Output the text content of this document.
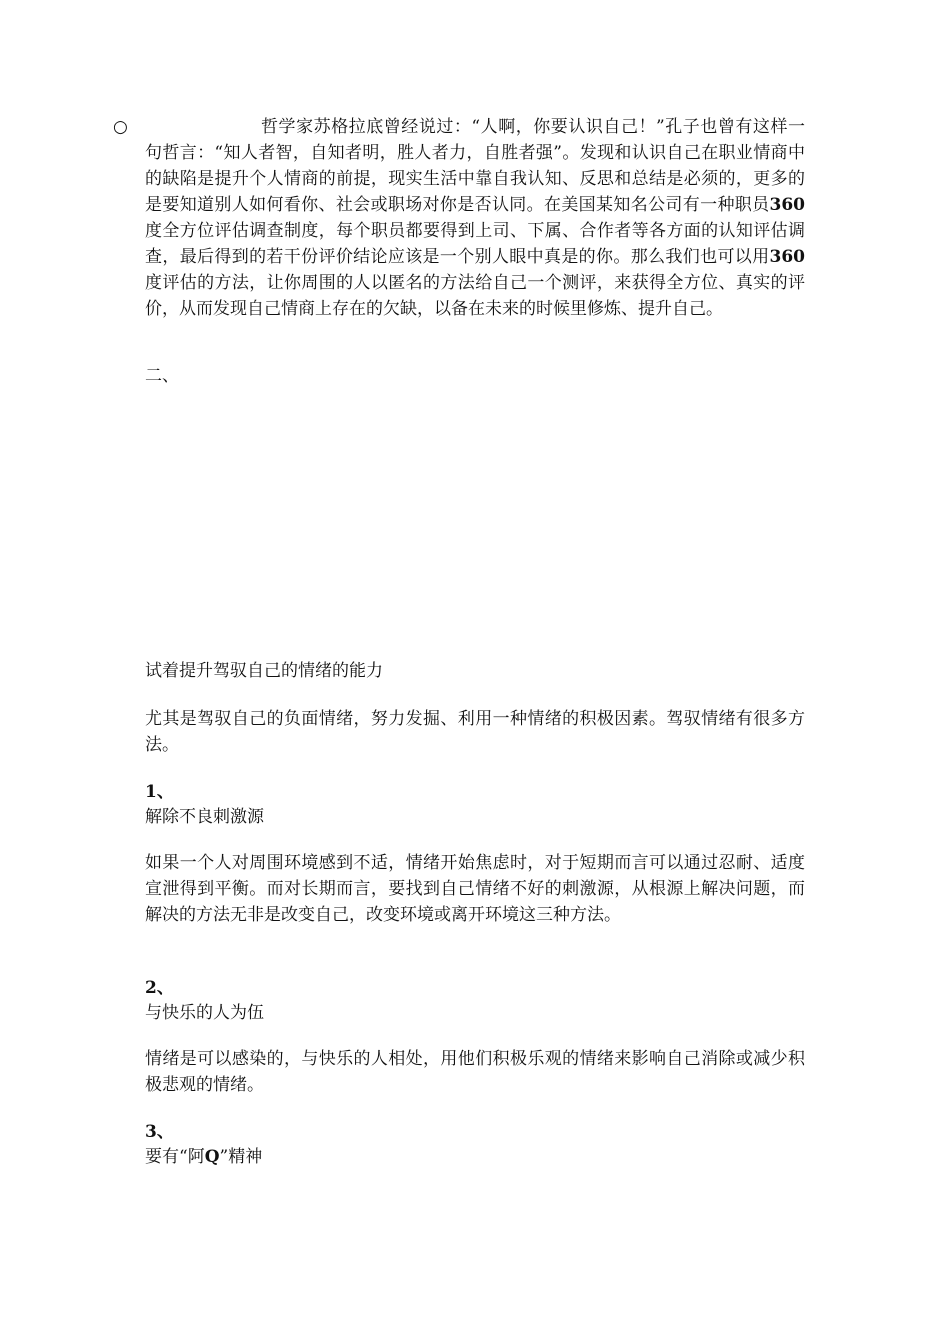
○	哲学家苏格拉底曾经说过：“人啊，你要认识自己！”孔子也曾有这样一句哲言：“知人者智，自知者明，胜人者力，自胜者强”。发现和认识自己在职业情商中的缺陷是提升个人情商的前提，现实生活中靠自我认知、反思和总结是必须的，更多的是要知道别人如何看你、社会或职场对你是否认同。在美国某知名公司有一种职员360度全方位评估调查制度，每个职员都要得到上司、下属、合作者等各方面的认知评估调查，最后得到的若干份评价结论应该是一个别人眼中真是的你。那么我们也可以用360度评估的方法，让你周围的人以匿名的方法给自己一个测评，来获得全方位、真实的评价，从而发现自己情商上存在的欠缺，以备在未来的时候里修炼、提升自己。

二、

试着提升驾驭自己的情绪的能力

尤其是驾驭自己的负面情绪，努力发掘、利用一种情绪的积极因素。驾驭情绪有很多方法。

1、

解除不良刺激源

如果一个人对周围环境感到不适，情绪开始焦虑时，对于短期而言可以通过忍耐、适度宣泄得到平衡。而对长期而言，要找到自己情绪不好的刺激源，从根源上解决问题，而解决的方法无非是改变自己，改变环境或离开环境这三种方法。

2、

与快乐的人为伍

情绪是可以感染的，与快乐的人相处，用他们积极乐观的情绪来影响自己消除或减少积极悲观的情绪。

3、

要有“阿Q”精神
